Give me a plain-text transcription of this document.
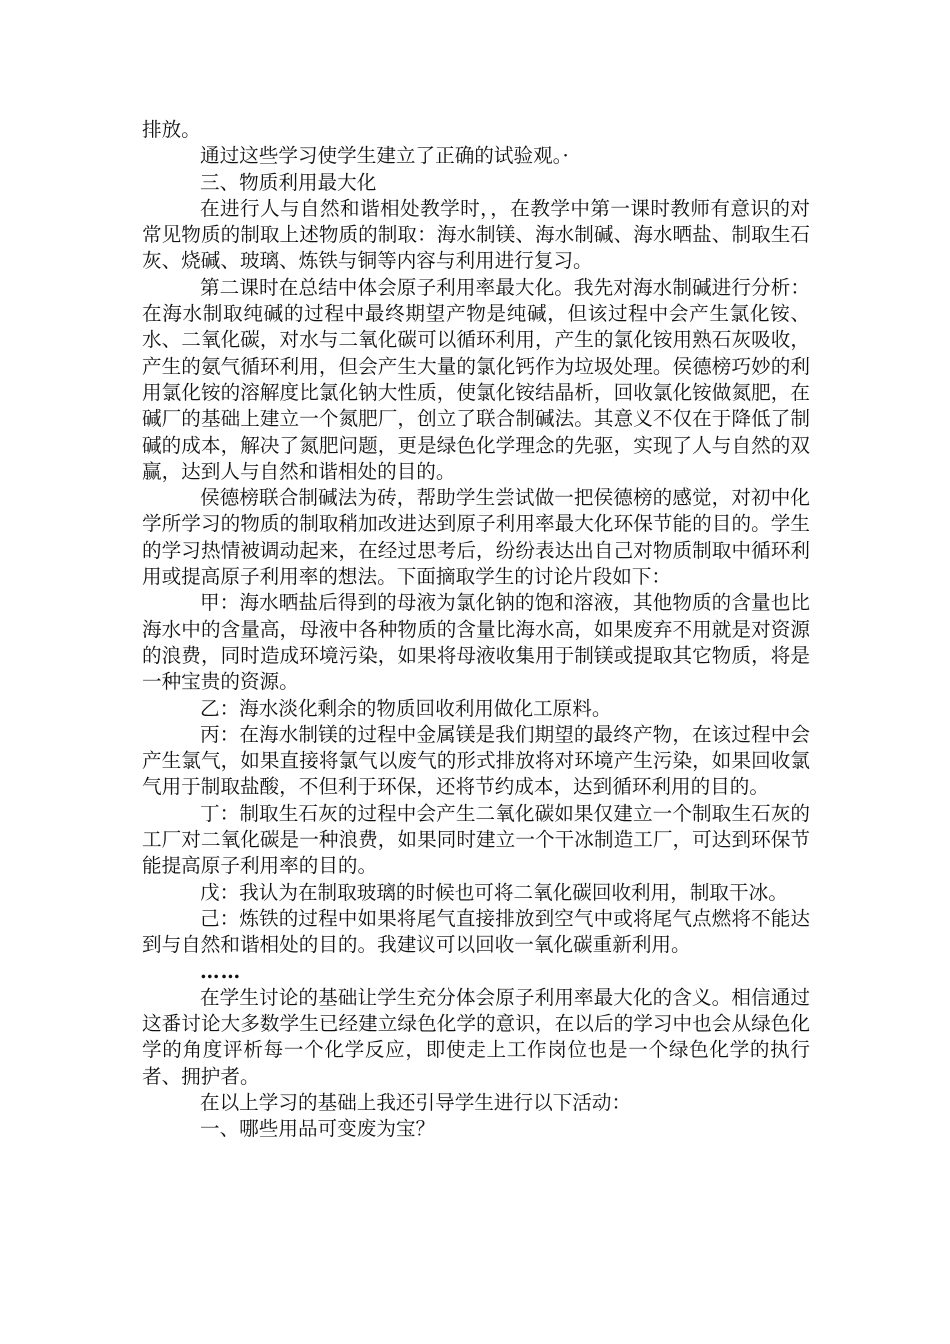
排放。

通过这些学习使学生建立了正确的试验观。·

三、物质利用最大化

在进行人与自然和谐相处教学时，，在教学中第一课时教师有意识的对常见物质的制取上述物质的制取：海水制镁、海水制碱、海水晒盐、制取生石灰、烧碱、玻璃、炼铁与铜等内容与利用进行复习。

第二课时在总结中体会原子利用率最大化。我先对海水制碱进行分析：在海水制取纯碱的过程中最终期望产物是纯碱，但该过程中会产生氯化铵、水、二氧化碳，对水与二氧化碳可以循环利用，产生的氯化铵用熟石灰吸收，产生的氨气循环利用，但会产生大量的氯化钙作为垃圾处理。侯德榜巧妙的利用氯化铵的溶解度比氯化钠大性质，使氯化铵结晶析，回收氯化铵做氮肥，在碱厂的基础上建立一个氮肥厂，创立了联合制碱法。其意义不仅在于降低了制碱的成本，解决了氮肥问题，更是绿色化学理念的先驱，实现了人与自然的双赢，达到人与自然和谐相处的目的。

侯德榜联合制碱法为砖，帮助学生尝试做一把侯德榜的感觉，对初中化学所学习的物质的制取稍加改进达到原子利用率最大化环保节能的目的。学生的学习热情被调动起来，在经过思考后，纷纷表达出自己对物质制取中循环利用或提高原子利用率的想法。下面摘取学生的讨论片段如下：

甲：海水晒盐后得到的母液为氯化钠的饱和溶液，其他物质的含量也比海水中的含量高，母液中各种物质的含量比海水高，如果废弃不用就是对资源的浪费，同时造成环境污染，如果将母液收集用于制镁或提取其它物质，将是一种宝贵的资源。

乙：海水淡化剩余的物质回收利用做化工原料。

丙：在海水制镁的过程中金属镁是我们期望的最终产物，在该过程中会产生氯气，如果直接将氯气以废气的形式排放将对环境产生污染，如果回收氯气用于制取盐酸，不但利于环保，还将节约成本，达到循环利用的目的。

丁：制取生石灰的过程中会产生二氧化碳如果仅建立一个制取生石灰的工厂对二氧化碳是一种浪费，如果同时建立一个干冰制造工厂，可达到环保节能提高原子利用率的目的。

戊：我认为在制取玻璃的时候也可将二氧化碳回收利用，制取干冰。

己：炼铁的过程中如果将尾气直接排放到空气中或将尾气点燃将不能达到与自然和谐相处的目的。我建议可以回收一氧化碳重新利用。

……

在学生讨论的基础让学生充分体会原子利用率最大化的含义。相信通过这番讨论大多数学生已经建立绿色化学的意识，在以后的学习中也会从绿色化学的角度评析每一个化学反应，即使走上工作岗位也是一个绿色化学的执行者、拥护者。

在以上学习的基础上我还引导学生进行以下活动：

一、哪些用品可变废为宝？
